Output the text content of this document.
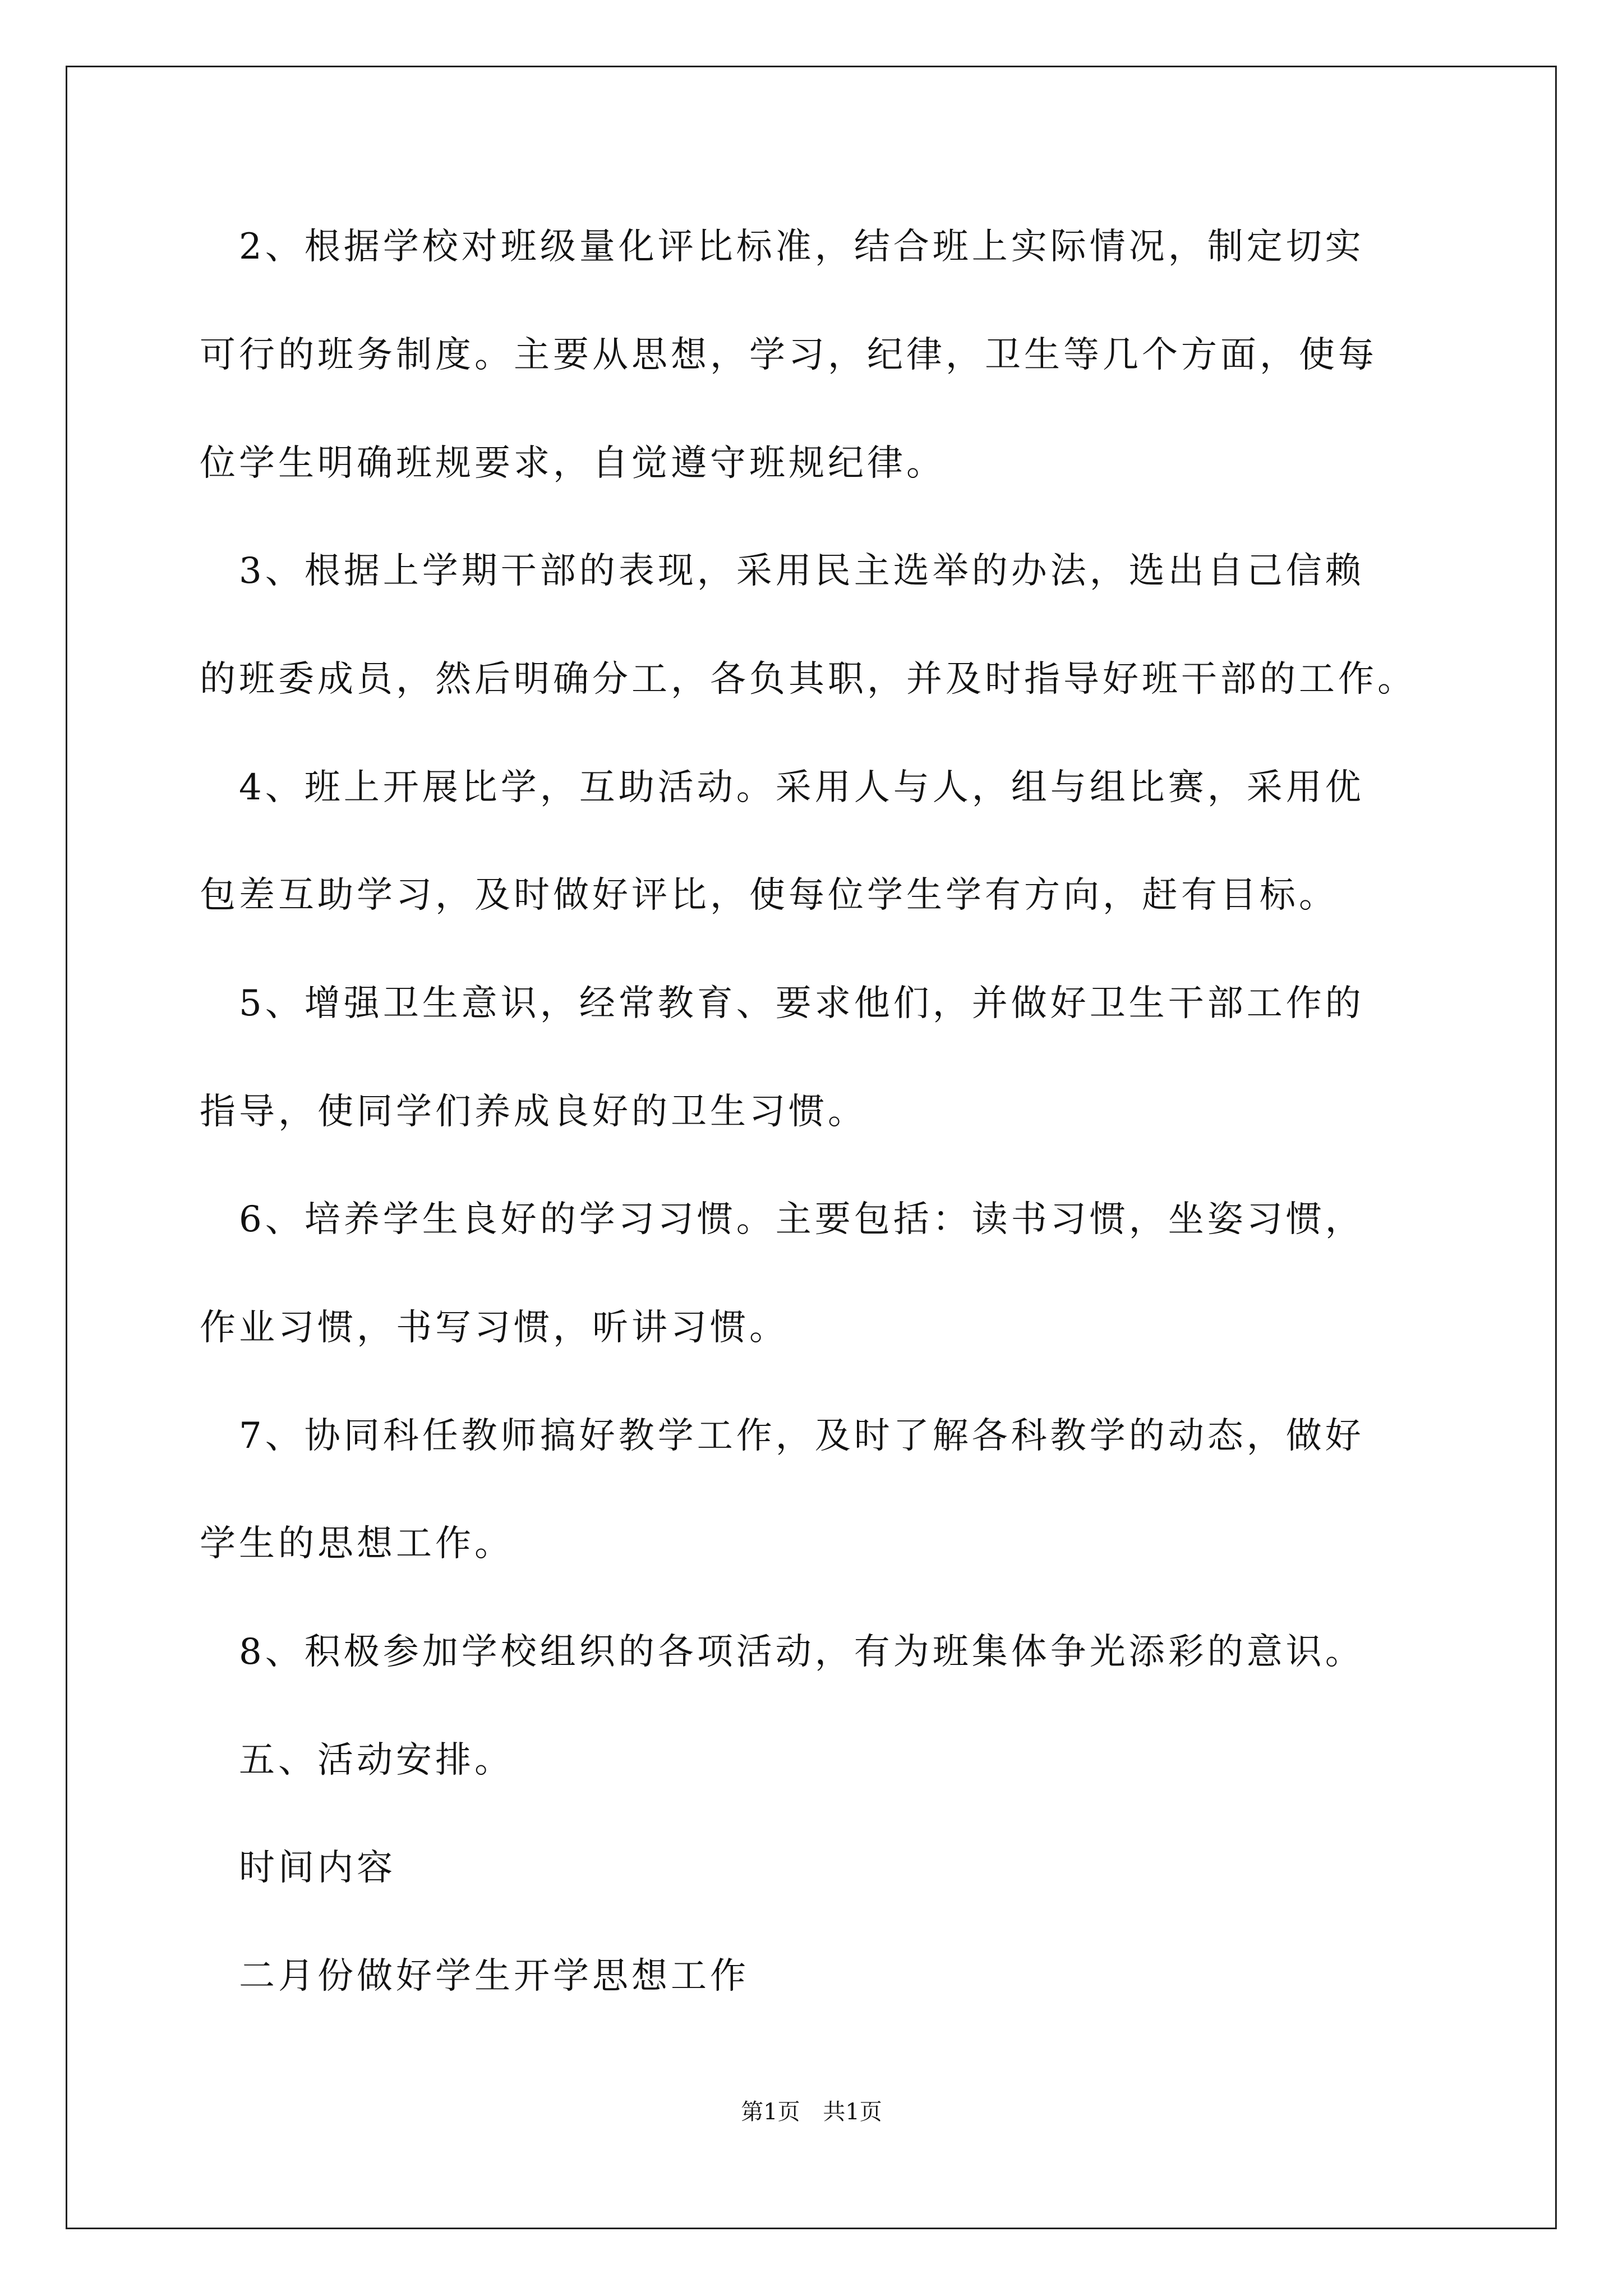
　2、根据学校对班级量化评比标准，结合班上实际情况，制定切实
可行的班务制度。主要从思想，学习，纪律，卫生等几个方面，使每
位学生明确班规要求，自觉遵守班规纪律。
　3、根据上学期干部的表现，采用民主选举的办法，选出自己信赖
的班委成员，然后明确分工，各负其职，并及时指导好班干部的工作。
　4、班上开展比学，互助活动。采用人与人，组与组比赛，采用优
包差互助学习，及时做好评比，使每位学生学有方向，赶有目标。
　5、增强卫生意识，经常教育、要求他们，并做好卫生干部工作的
指导，使同学们养成良好的卫生习惯。
　6、培养学生良好的学习习惯。主要包括：读书习惯，坐姿习惯，
作业习惯，书写习惯，听讲习惯。
　7、协同科任教师搞好教学工作，及时了解各科教学的动态，做好
学生的思想工作。
　8、积极参加学校组织的各项活动，有为班集体争光添彩的意识。
　五、活动安排。
　时间内容
　二月份做好学生开学思想工作
第1页 共1页
